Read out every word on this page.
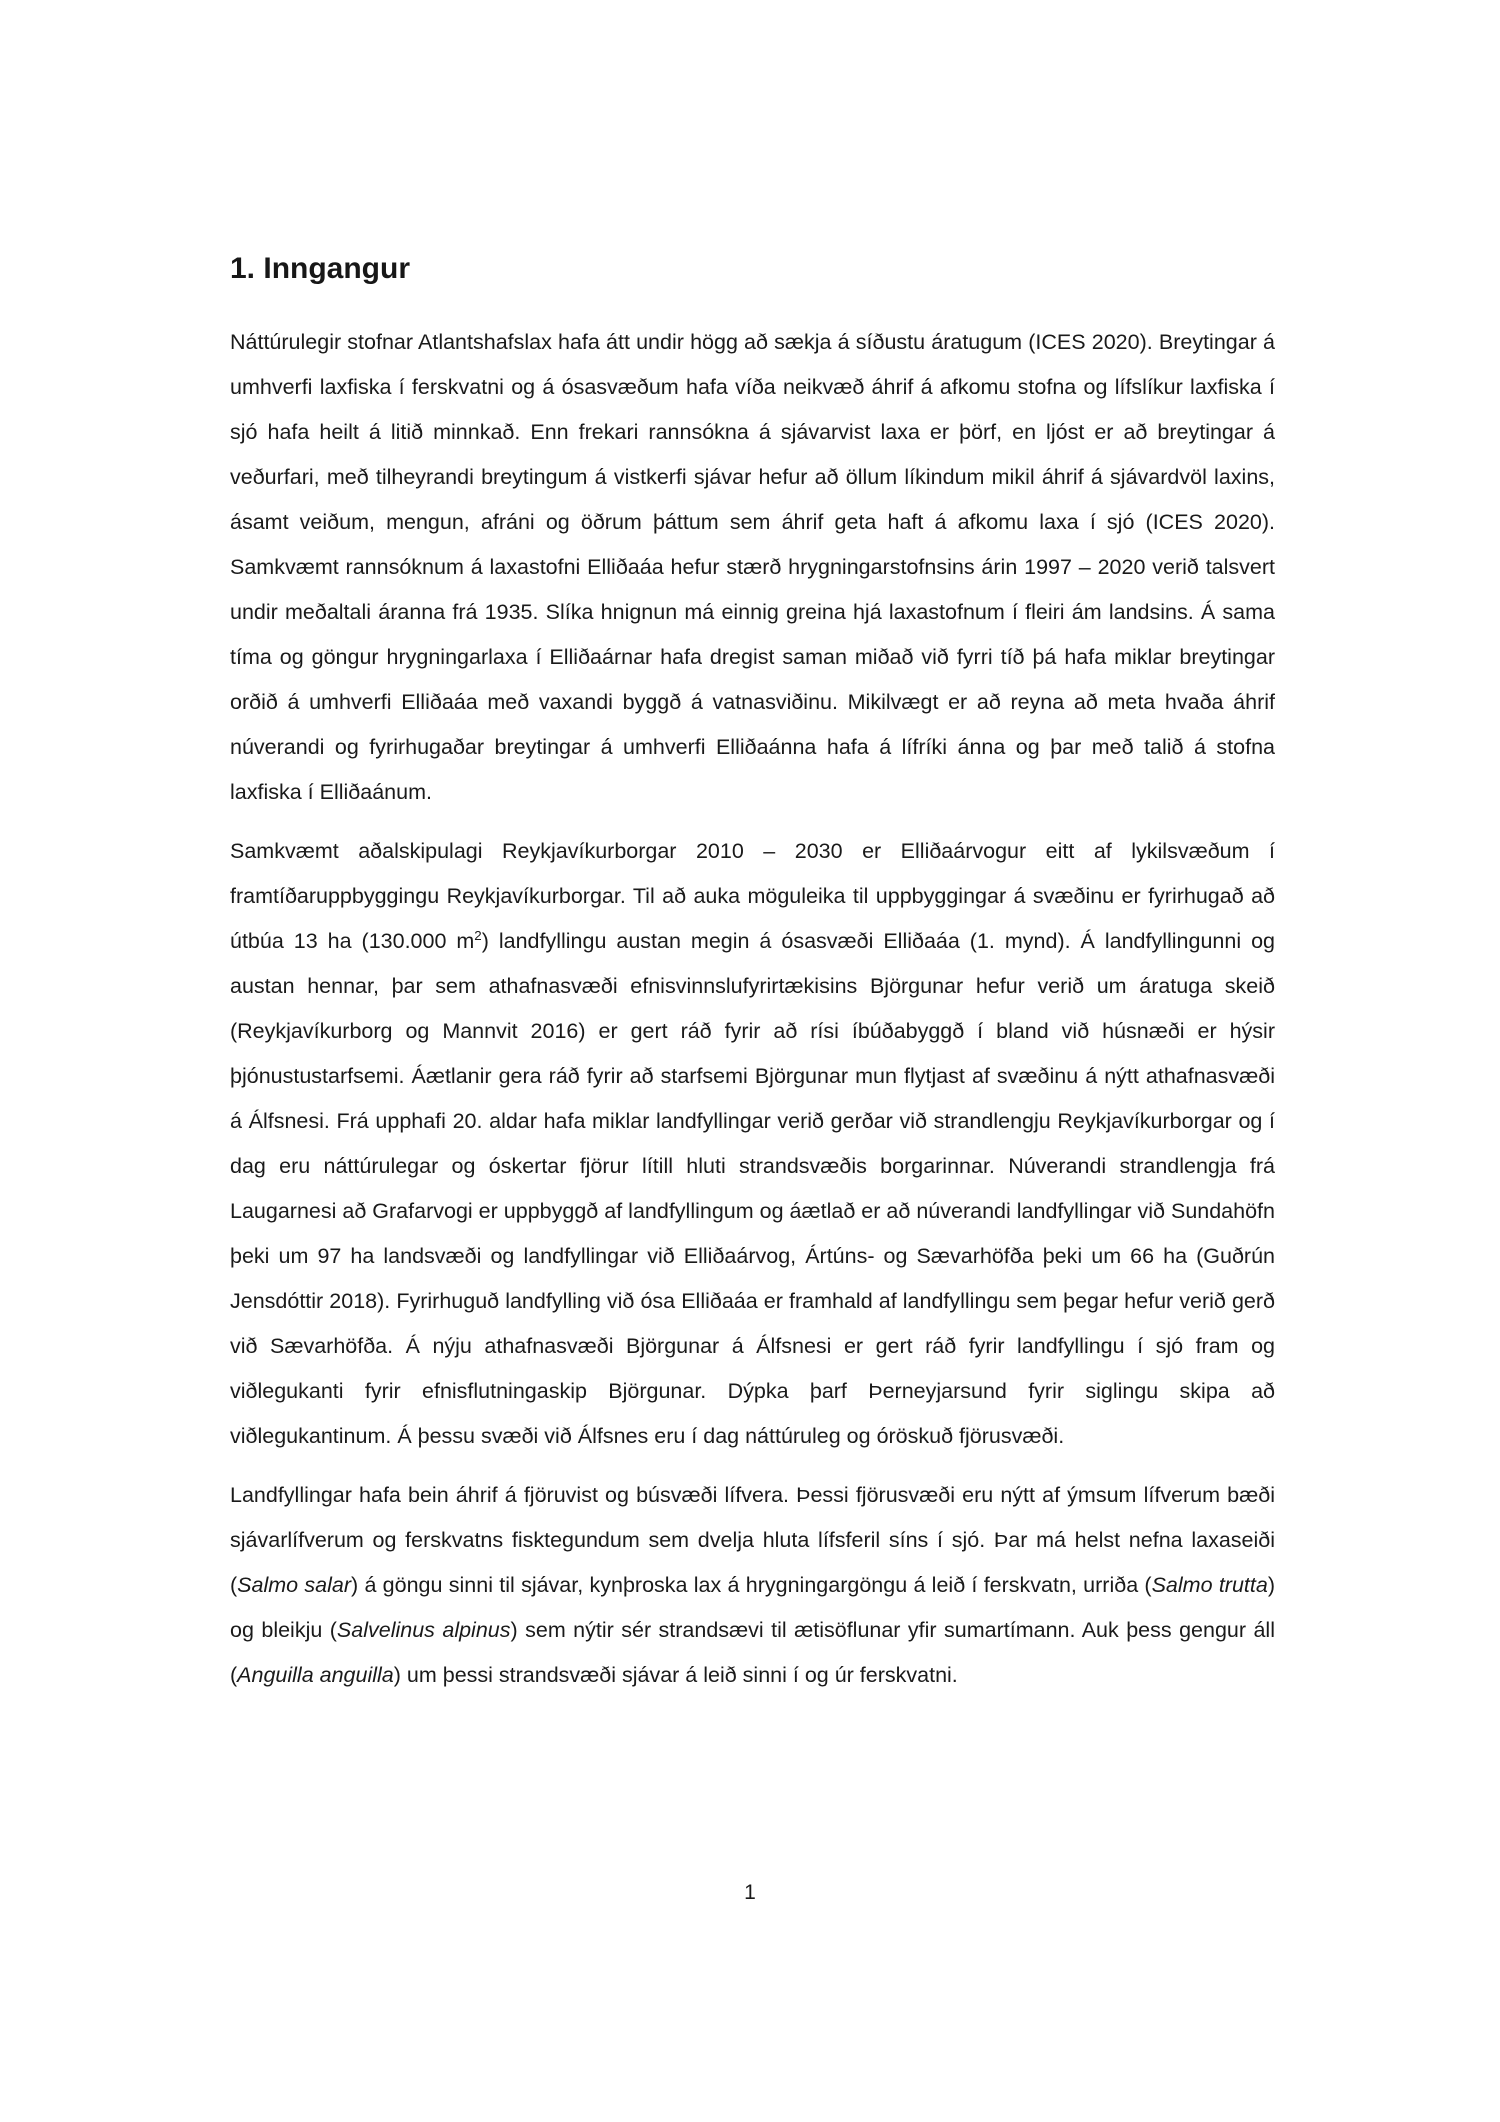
1. Inngangur

Náttúrulegir stofnar Atlantshafslax hafa átt undir högg að sækja á síðustu áratugum (ICES 2020). Breytingar á umhverfi laxfiska í ferskvatni og á ósasvæðum hafa víða neikvæð áhrif á afkomu stofna og lífslíkur laxfiska í sjó hafa heilt á litið minnkað. Enn frekari rannsókna á sjávarvist laxa er þörf, en ljóst er að breytingar á veðurfari, með tilheyrandi breytingum á vistkerfi sjávar hefur að öllum líkindum mikil áhrif á sjávardvöl laxins, ásamt veiðum, mengun, afráni og öðrum þáttum sem áhrif geta haft á afkomu laxa í sjó (ICES 2020). Samkvæmt rannsóknum á laxastofni Elliðaáa hefur stærð hrygningarstofnsins árin 1997 – 2020 verið talsvert undir meðaltali áranna frá 1935. Slíka hnignun má einnig greina hjá laxastofnum í fleiri ám landsins. Á sama tíma og göngur hrygningarlaxa í Elliðaárnar hafa dregist saman miðað við fyrri tíð þá hafa miklar breytingar orðið á umhverfi Elliðaáa með vaxandi byggð á vatnasviðinu. Mikilvægt er að reyna að meta hvaða áhrif núverandi og fyrirhugaðar breytingar á umhverfi Elliðaánna hafa á lífríki ánna og þar með talið á stofna laxfiska í Elliðaánum.

Samkvæmt aðalskipulagi Reykjavíkurborgar 2010 – 2030 er Elliðaárvogur eitt af lykilsvæðum í framtíðaruppbyggingu Reykjavíkurborgar. Til að auka möguleika til uppbyggingar á svæðinu er fyrirhugað að útbúa 13 ha (130.000 $m^2$) landfyllingu austan megin á ósasvæði Elliðaáa (1. mynd). Á landfyllingunni og austan hennar, þar sem athafnasvæði efnisvinnslufyrirtækisins Björgunar hefur verið um áratuga skeið (Reykjavíkurborg og Mannvit 2016) er gert ráð fyrir að rísi íbúðabyggð í bland við húsnæði er hýsir þjónustustarfsemi. Áætlanir gera ráð fyrir að starfsemi Björgunar mun flytjast af svæðinu á nýtt athafnasvæði á Álfsnesi. Frá upphafi 20. aldar hafa miklar landfyllingar verið gerðar við strandlengju Reykjavíkurborgar og í dag eru náttúrulegar og óskertar fjörur lítill hluti strandsvæðis borgarinnar. Núverandi strandlengja frá Laugarnesi að Grafarvogi er uppbyggð af landfyllingum og áætlað er að núverandi landfyllingar við Sundahöfn þeki um 97 ha landsvæði og landfyllingar við Elliðaárvog, Ártúns- og Sævarhöfða þeki um 66 ha (Guðrún Jensdóttir 2018). Fyrirhuguð landfylling við ósa Elliðaáa er framhald af landfyllingu sem þegar hefur verið gerð við Sævarhöfða. Á nýju athafnasvæði Björgunar á Álfsnesi er gert ráð fyrir landfyllingu í sjó fram og viðlegukanti fyrir efnisflutningaskip Björgunar. Dýpka þarf Þerneyjarsund fyrir siglingu skipa að viðlegukantinum. Á þessu svæði við Álfsnes eru í dag náttúruleg og óröskuð fjörusvæði.

Landfyllingar hafa bein áhrif á fjöruvist og búsvæði lífvera. Þessi fjörusvæði eru nýtt af ýmsum lífverum bæði sjávarlífverum og ferskvatns fisktegundum sem dvelja hluta lífsferil síns í sjó. Þar má helst nefna laxaseiði (Salmo salar) á göngu sinni til sjávar, kynþroska lax á hrygningargöngu á leið í ferskvatn, urriða (Salmo trutta) og bleikju (Salvelinus alpinus) sem nýtir sér strandsævi til ætisöflunar yfir sumartímann. Auk þess gengur áll (Anguilla anguilla) um þessi strandsvæði sjávar á leið sinni í og úr ferskvatni.

1
